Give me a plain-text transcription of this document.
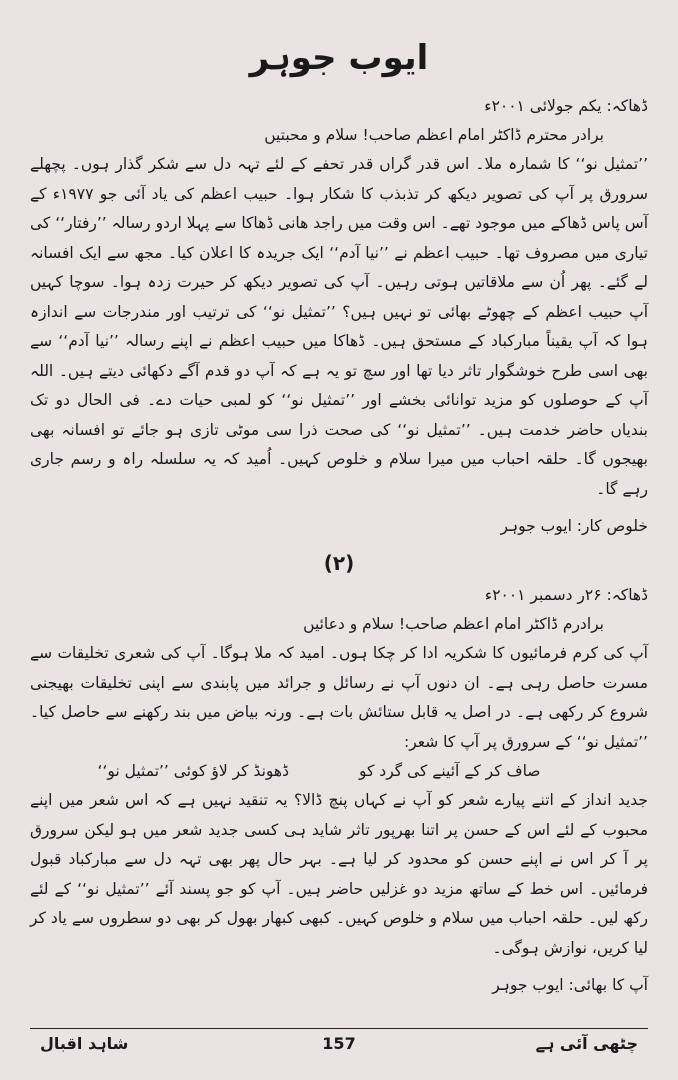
ایوب جوہر
ڈھاکہ: یکم جولائی ۲۰۰۱ء
برادر محترم ڈاکٹر امام اعظم صاحب! سلام و محبتیں
’’تمثیل نو‘‘ کا شمارہ ملا۔ اس قدر گراں قدر تحفے کے لئے تہہ دل سے شکر گذار ہوں۔ پچھلے سرورق پر آپ کی تصویر دیکھ کر تذبذب کا شکار ہوا۔ حبیب اعظم کی یاد آئی جو ۱۹۷۷ء کے آس پاس ڈھاکے میں موجود تھے۔ اس وقت میں راجد ھانی ڈھاکا سے پہلا اردو رسالہ ’’رفتار‘‘ کی تیاری میں مصروف تھا۔ حبیب اعظم نے ’’نیا آدم‘‘ ایک جریدہ کا اعلان کیا۔ مجھ سے ایک افسانہ لے گئے۔ پھر اُن سے ملاقاتیں ہوتی رہیں۔ آپ کی تصویر دیکھ کر حیرت زدہ ہوا۔ سوچا کہیں آپ حبیب اعظم کے چھوٹے بھائی تو نہیں ہیں؟ ’’تمثیل نو‘‘ کی ترتیب اور مندرجات سے اندازہ ہوا کہ آپ یقیناً مبارکباد کے مستحق ہیں۔ ڈھاکا میں حبیب اعظم نے اپنے رسالہ ’’نیا آدم‘‘ سے بھی اسی طرح خوشگوار تاثر دیا تھا اور سچ تو یہ ہے کہ آپ دو قدم آگے دکھائی دیتے ہیں۔ اللہ آپ کے حوصلوں کو مزید توانائی بخشے اور ’’تمثیل نو‘‘ کو لمبی حیات دے۔ فی الحال دو تک بندیاں حاضر خدمت ہیں۔ ’’تمثیل نو‘‘ کی صحت ذرا سی موٹی تازی ہو جائے تو افسانہ بھی بھیجوں گا۔ حلقہ احباب میں میرا سلام و خلوص کہیں۔ اُمید کہ یہ سلسلہ راہ و رسم جاری رہے گا۔
خلوص کار: ایوب جوہر
(۲)
ڈھاکہ: ۲۶ر دسمبر ۲۰۰۱ء
برادرم ڈاکٹر امام اعظم صاحب! سلام و دعائیں
آپ کی کرم فرمائیوں کا شکریہ ادا کر چکا ہوں۔ امید کہ ملا ہوگا۔ آپ کی شعری تخلیقات سے مسرت حاصل رہی ہے۔ ان دنوں آپ نے رسائل و جرائد میں پابندی سے اپنی تخلیقات بھیجنی شروع کر رکھی ہے۔ در اصل یہ قابل ستائش بات ہے۔ ورنہ بیاض میں بند رکھنے سے حاصل کیا۔ ’’تمثیل نو‘‘ کے سرورق پر آپ کا شعر:
صاف کر کے آئینے کی گرد کو
ڈھونڈ کر لاؤ کوئی ’’تمثیل نو‘‘
جدید انداز کے اتنے پیارے شعر کو آپ نے کہاں پنچ ڈالا؟ یہ تنقید نہیں ہے کہ اس شعر میں اپنے محبوب کے لئے اس کے حسن پر اتنا بھرپور تاثر شاید ہی کسی جدید شعر میں ہو لیکن سرورق پر آ کر اس نے اپنے حسن کو محدود کر لیا ہے۔ بہر حال پھر بھی تہہ دل سے مبارکباد قبول فرمائیں۔ اس خط کے ساتھ مزید دو غزلیں حاضر ہیں۔ آپ کو جو پسند آئے ’’تمثیل نو‘‘ کے لئے رکھ لیں۔ حلقہ احباب میں سلام و خلوص کہیں۔ کبھی کبھار بھول کر بھی دو سطروں سے یاد کر لیا کریں، نوازش ہوگی۔
آپ کا بھائی: ایوب جوہر
شاہد اقبال	157	چٹھی آئی ہے
